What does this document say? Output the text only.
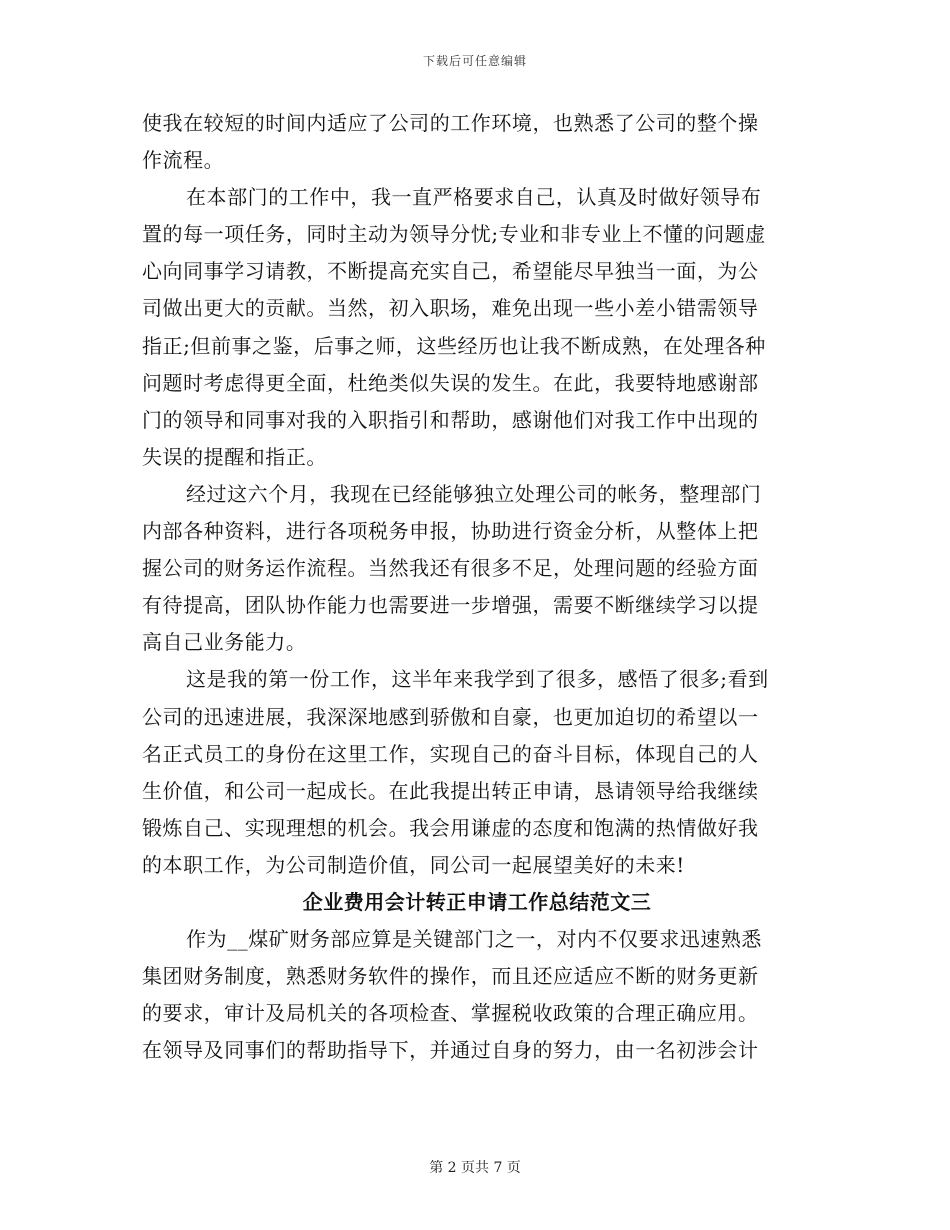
下载后可任意编辑
使我在较短的时间内适应了公司的工作环境，也熟悉了公司的整个操
作流程。
在本部门的工作中，我一直严格要求自己，认真及时做好领导布
置的每一项任务，同时主动为领导分忧;专业和非专业上不懂的问题虚
心向同事学习请教，不断提高充实自己，希望能尽早独当一面，为公
司做出更大的贡献。当然，初入职场，难免出现一些小差小错需领导
指正;但前事之鉴，后事之师，这些经历也让我不断成熟，在处理各种
问题时考虑得更全面，杜绝类似失误的发生。在此，我要特地感谢部
门的领导和同事对我的入职指引和帮助，感谢他们对我工作中出现的
失误的提醒和指正。
经过这六个月，我现在已经能够独立处理公司的帐务，整理部门
内部各种资料，进行各项税务申报，协助进行资金分析，从整体上把
握公司的财务运作流程。当然我还有很多不足，处理问题的经验方面
有待提高，团队协作能力也需要进一步增强，需要不断继续学习以提
高自己业务能力。
这是我的第一份工作，这半年来我学到了很多，感悟了很多;看到
公司的迅速进展，我深深地感到骄傲和自豪，也更加迫切的希望以一
名正式员工的身份在这里工作，实现自己的奋斗目标，体现自己的人
生价值，和公司一起成长。在此我提出转正申请，恳请领导给我继续
锻炼自己、实现理想的机会。我会用谦虚的态度和饱满的热情做好我
的本职工作，为公司制造价值，同公司一起展望美好的未来!
企业费用会计转正申请工作总结范文三
作为__煤矿财务部应算是关键部门之一，对内不仅要求迅速熟悉
集团财务制度，熟悉财务软件的操作，而且还应适应不断的财务更新
的要求，审计及局机关的各项检查、掌握税收政策的合理正确应用。
在领导及同事们的帮助指导下，并通过自身的努力，由一名初涉会计
第 2 页共 7 页
